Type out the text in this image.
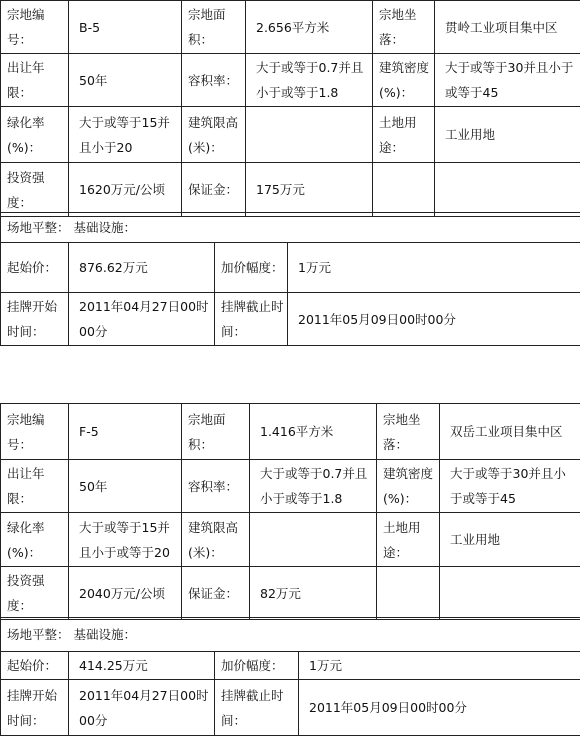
宗地编号：	B-5	宗地面积：	2.656平方米	宗地坐落：	贯岭工业项目集中区
出让年限：	50年	容积率：	大于或等于0.7并且小于或等于1.8	建筑密度(%)：	大于或等于30并且小于或等于45
绿化率(%)：	大于或等于15并且小于20	建筑限高(米)：		土地用途：	工业用地
投资强度：	1620万元/公顷	保证金：	175万元		
场地平整： 基础设施：			
起始价：	876.62万元	加价幅度：	1万元
挂牌开始时间：	2011年04月27日00时00分	挂牌截止时间：	2011年05月09日00时00分
宗地编号：	F-5	宗地面积：	1.416平方米	宗地坐落：	双岳工业项目集中区
出让年限：	50年	容积率：	大于或等于0.7并且小于或等于1.8	建筑密度(%)：	大于或等于30并且小于或等于45
绿化率(%)：	大于或等于15并且小于或等于20	建筑限高(米)：		土地用途：	工业用地
投资强度：	2040万元/公顷	保证金：	82万元		
场地平整： 基础设施：			
起始价：	414.25万元	加价幅度：	1万元
挂牌开始时间：	2011年04月27日00时00分	挂牌截止时间：	2011年05月09日00时00分
